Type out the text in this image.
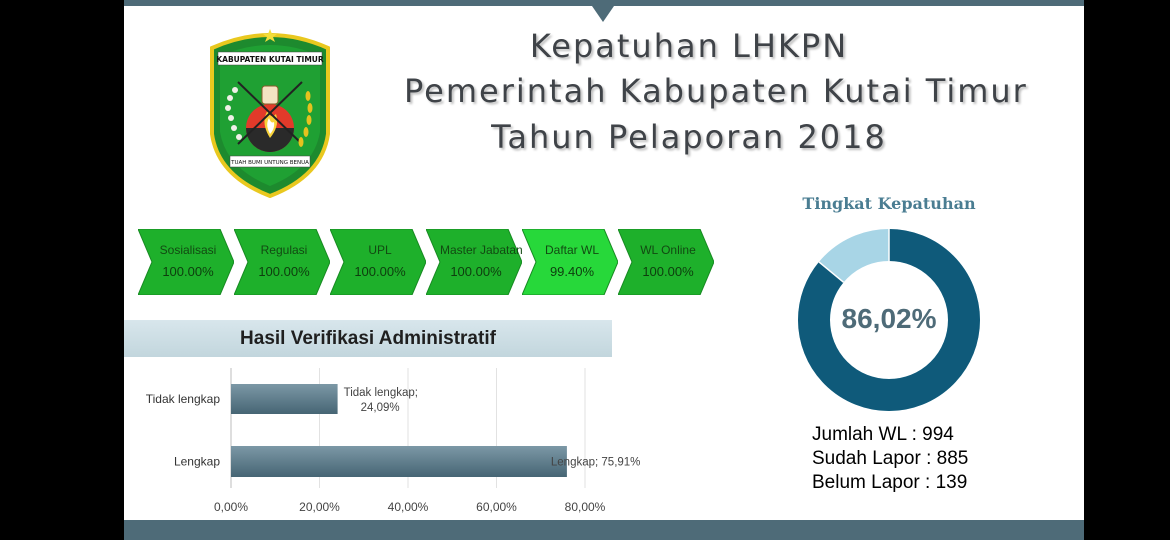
KABUPATEN KUTAI TIMUR
TUAH BUMI UNTUNG BENUA
Kepatuhan LHKPN
Pemerintah Kabupaten Kutai Timur
Tahun Pelaporan 2018
Sosialisasi
100.00%
Regulasi
100.00%
UPL
100.00%
Master Jabatan
100.00%
Daftar WL
99.40%
WL Online
100.00%
Hasil Verifikasi Administratif
0,00%	20,00%	40,00%	60,00%	80,00%
Tidak lengkap	Tidak lengkap; 24,09%
Lengkap	Lengkap; 75,91%
Tingkat Kepatuhan
86,02%
Jumlah WL : 994
Sudah Lapor : 885
Belum Lapor : 139
